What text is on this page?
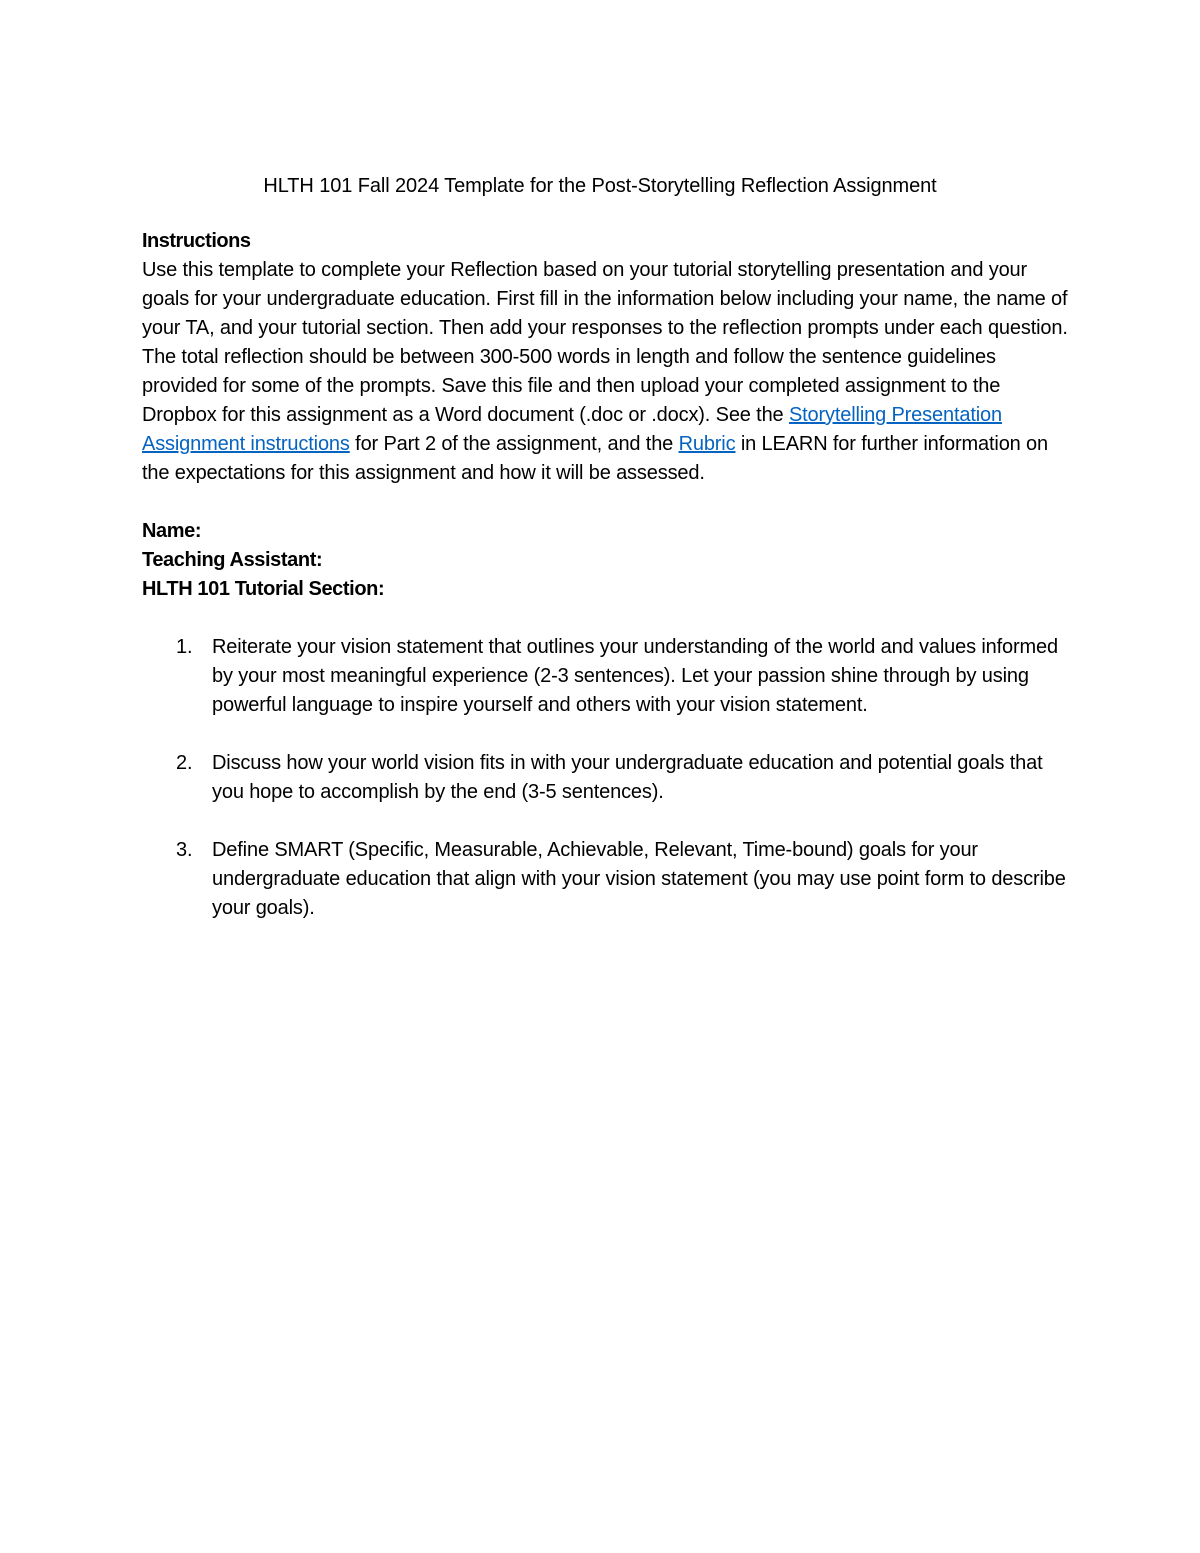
HLTH 101 Fall 2024 Template for the Post-Storytelling Reflection Assignment
Instructions

Use this template to complete your Reflection based on your tutorial storytelling presentation and your goals for your undergraduate education. First fill in the information below including your name, the name of your TA, and your tutorial section. Then add your responses to the reflection prompts under each question. The total reflection should be between 300-500 words in length and follow the sentence guidelines provided for some of the prompts. Save this file and then upload your completed assignment to the Dropbox for this assignment as a Word document (.doc or .docx). See the Storytelling Presentation Assignment instructions for Part 2 of the assignment, and the Rubric in LEARN for further information on the expectations for this assignment and how it will be assessed.

Name:
Teaching Assistant:
HLTH 101 Tutorial Section:
1. Reiterate your vision statement that outlines your understanding of the world and values informed by your most meaningful experience (2-3 sentences). Let your passion shine through by using powerful language to inspire yourself and others with your vision statement.
2. Discuss how your world vision fits in with your undergraduate education and potential goals that you hope to accomplish by the end (3-5 sentences).
3. Define SMART (Specific, Measurable, Achievable, Relevant, Time-bound) goals for your undergraduate education that align with your vision statement (you may use point form to describe your goals).
